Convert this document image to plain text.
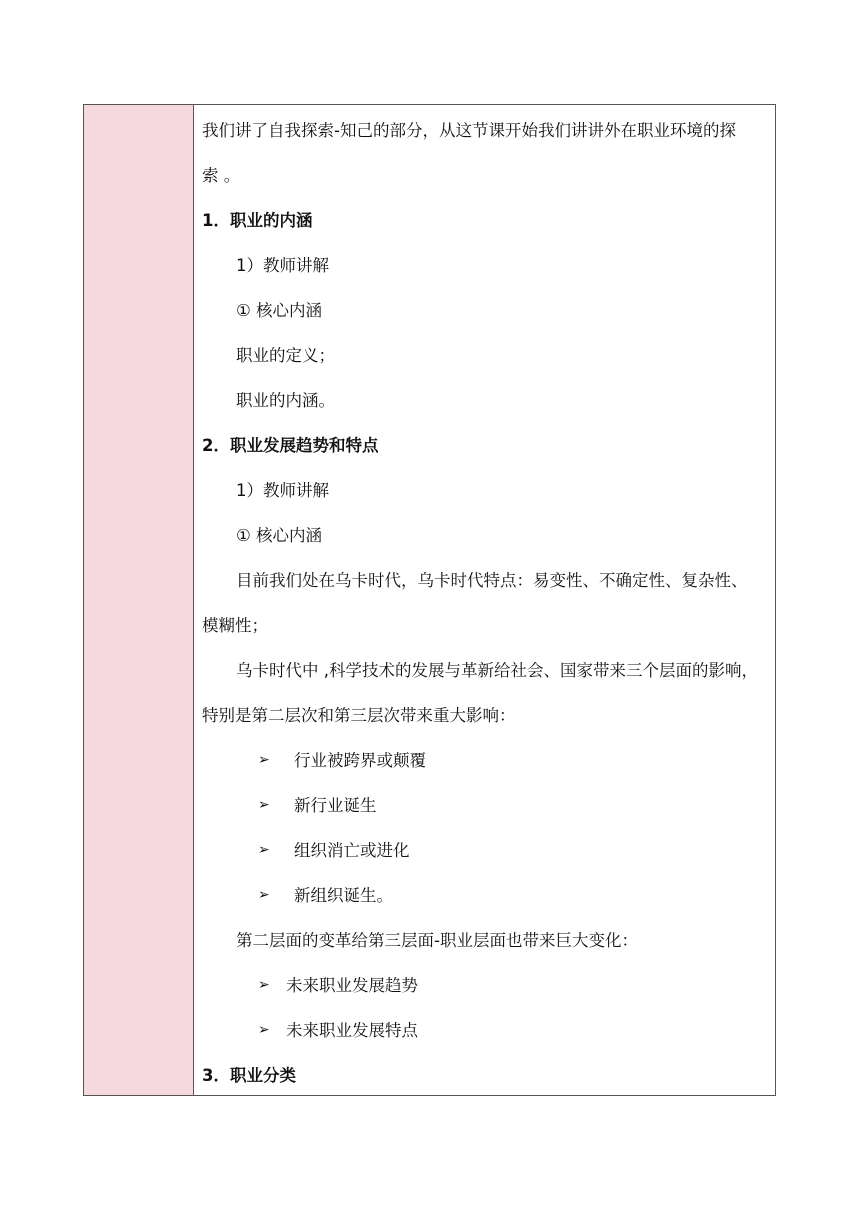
我们讲了自我探索-知己的部分，从这节课开始我们讲讲外在职业环境的探
索 。
1．职业的内涵
1）教师讲解
① 核心内涵
职业的定义；
职业的内涵。
2．职业发展趋势和特点
1）教师讲解
① 核心内涵
目前我们处在乌卡时代，乌卡时代特点：易变性、不确定性、复杂性、
模糊性；
乌卡时代中 ,科学技术的发展与革新给社会、国家带来三个层面的影响，
特别是第二层次和第三层次带来重大影响：
➢	行业被跨界或颠覆
➢	新行业诞生
➢	组织消亡或进化
➢	新组织诞生。
第二层面的变革给第三层面-职业层面也带来巨大变化：
➢ 未来职业发展趋势
➢ 未来职业发展特点
3．职业分类
